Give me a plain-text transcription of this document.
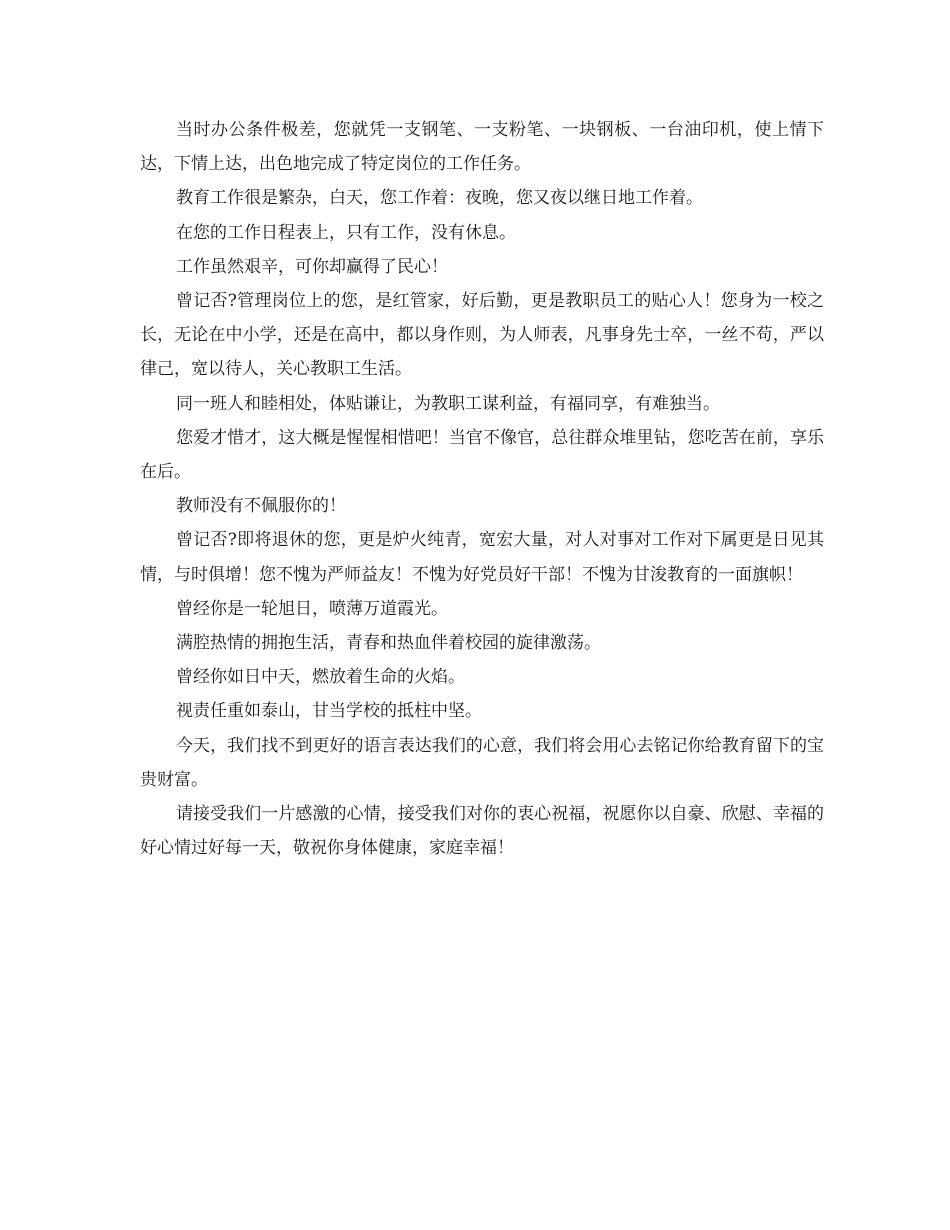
当时办公条件极差，您就凭一支钢笔、一支粉笔、一块钢板、一台油印机，使上情下达，下情上达，出色地完成了特定岗位的工作任务。

教育工作很是繁杂，白天，您工作着：夜晚，您又夜以继日地工作着。

在您的工作日程表上，只有工作，没有休息。

工作虽然艰辛，可你却赢得了民心！

曾记否?管理岗位上的您，是红管家，好后勤，更是教职员工的贴心人！您身为一校之长，无论在中小学，还是在高中，都以身作则，为人师表，凡事身先士卒，一丝不苟，严以律己，宽以待人，关心教职工生活。

同一班人和睦相处，体贴谦让，为教职工谋利益，有福同享，有难独当。

您爱才惜才，这大概是惺惺相惜吧！当官不像官，总往群众堆里钻，您吃苦在前，享乐在后。

教师没有不佩服你的！

曾记否?即将退休的您，更是炉火纯青，宽宏大量，对人对事对工作对下属更是日见其情，与时俱增！您不愧为严师益友！不愧为好党员好干部！不愧为甘浚教育的一面旗帜！

曾经你是一轮旭日，喷薄万道霞光。

满腔热情的拥抱生活，青春和热血伴着校园的旋律激荡。

曾经你如日中天，燃放着生命的火焰。

视责任重如泰山，甘当学校的抵柱中坚。

今天，我们找不到更好的语言表达我们的心意，我们将会用心去铭记你给教育留下的宝贵财富。

请接受我们一片感激的心情，接受我们对你的衷心祝福，祝愿你以自豪、欣慰、幸福的好心情过好每一天，敬祝你身体健康，家庭幸福！
